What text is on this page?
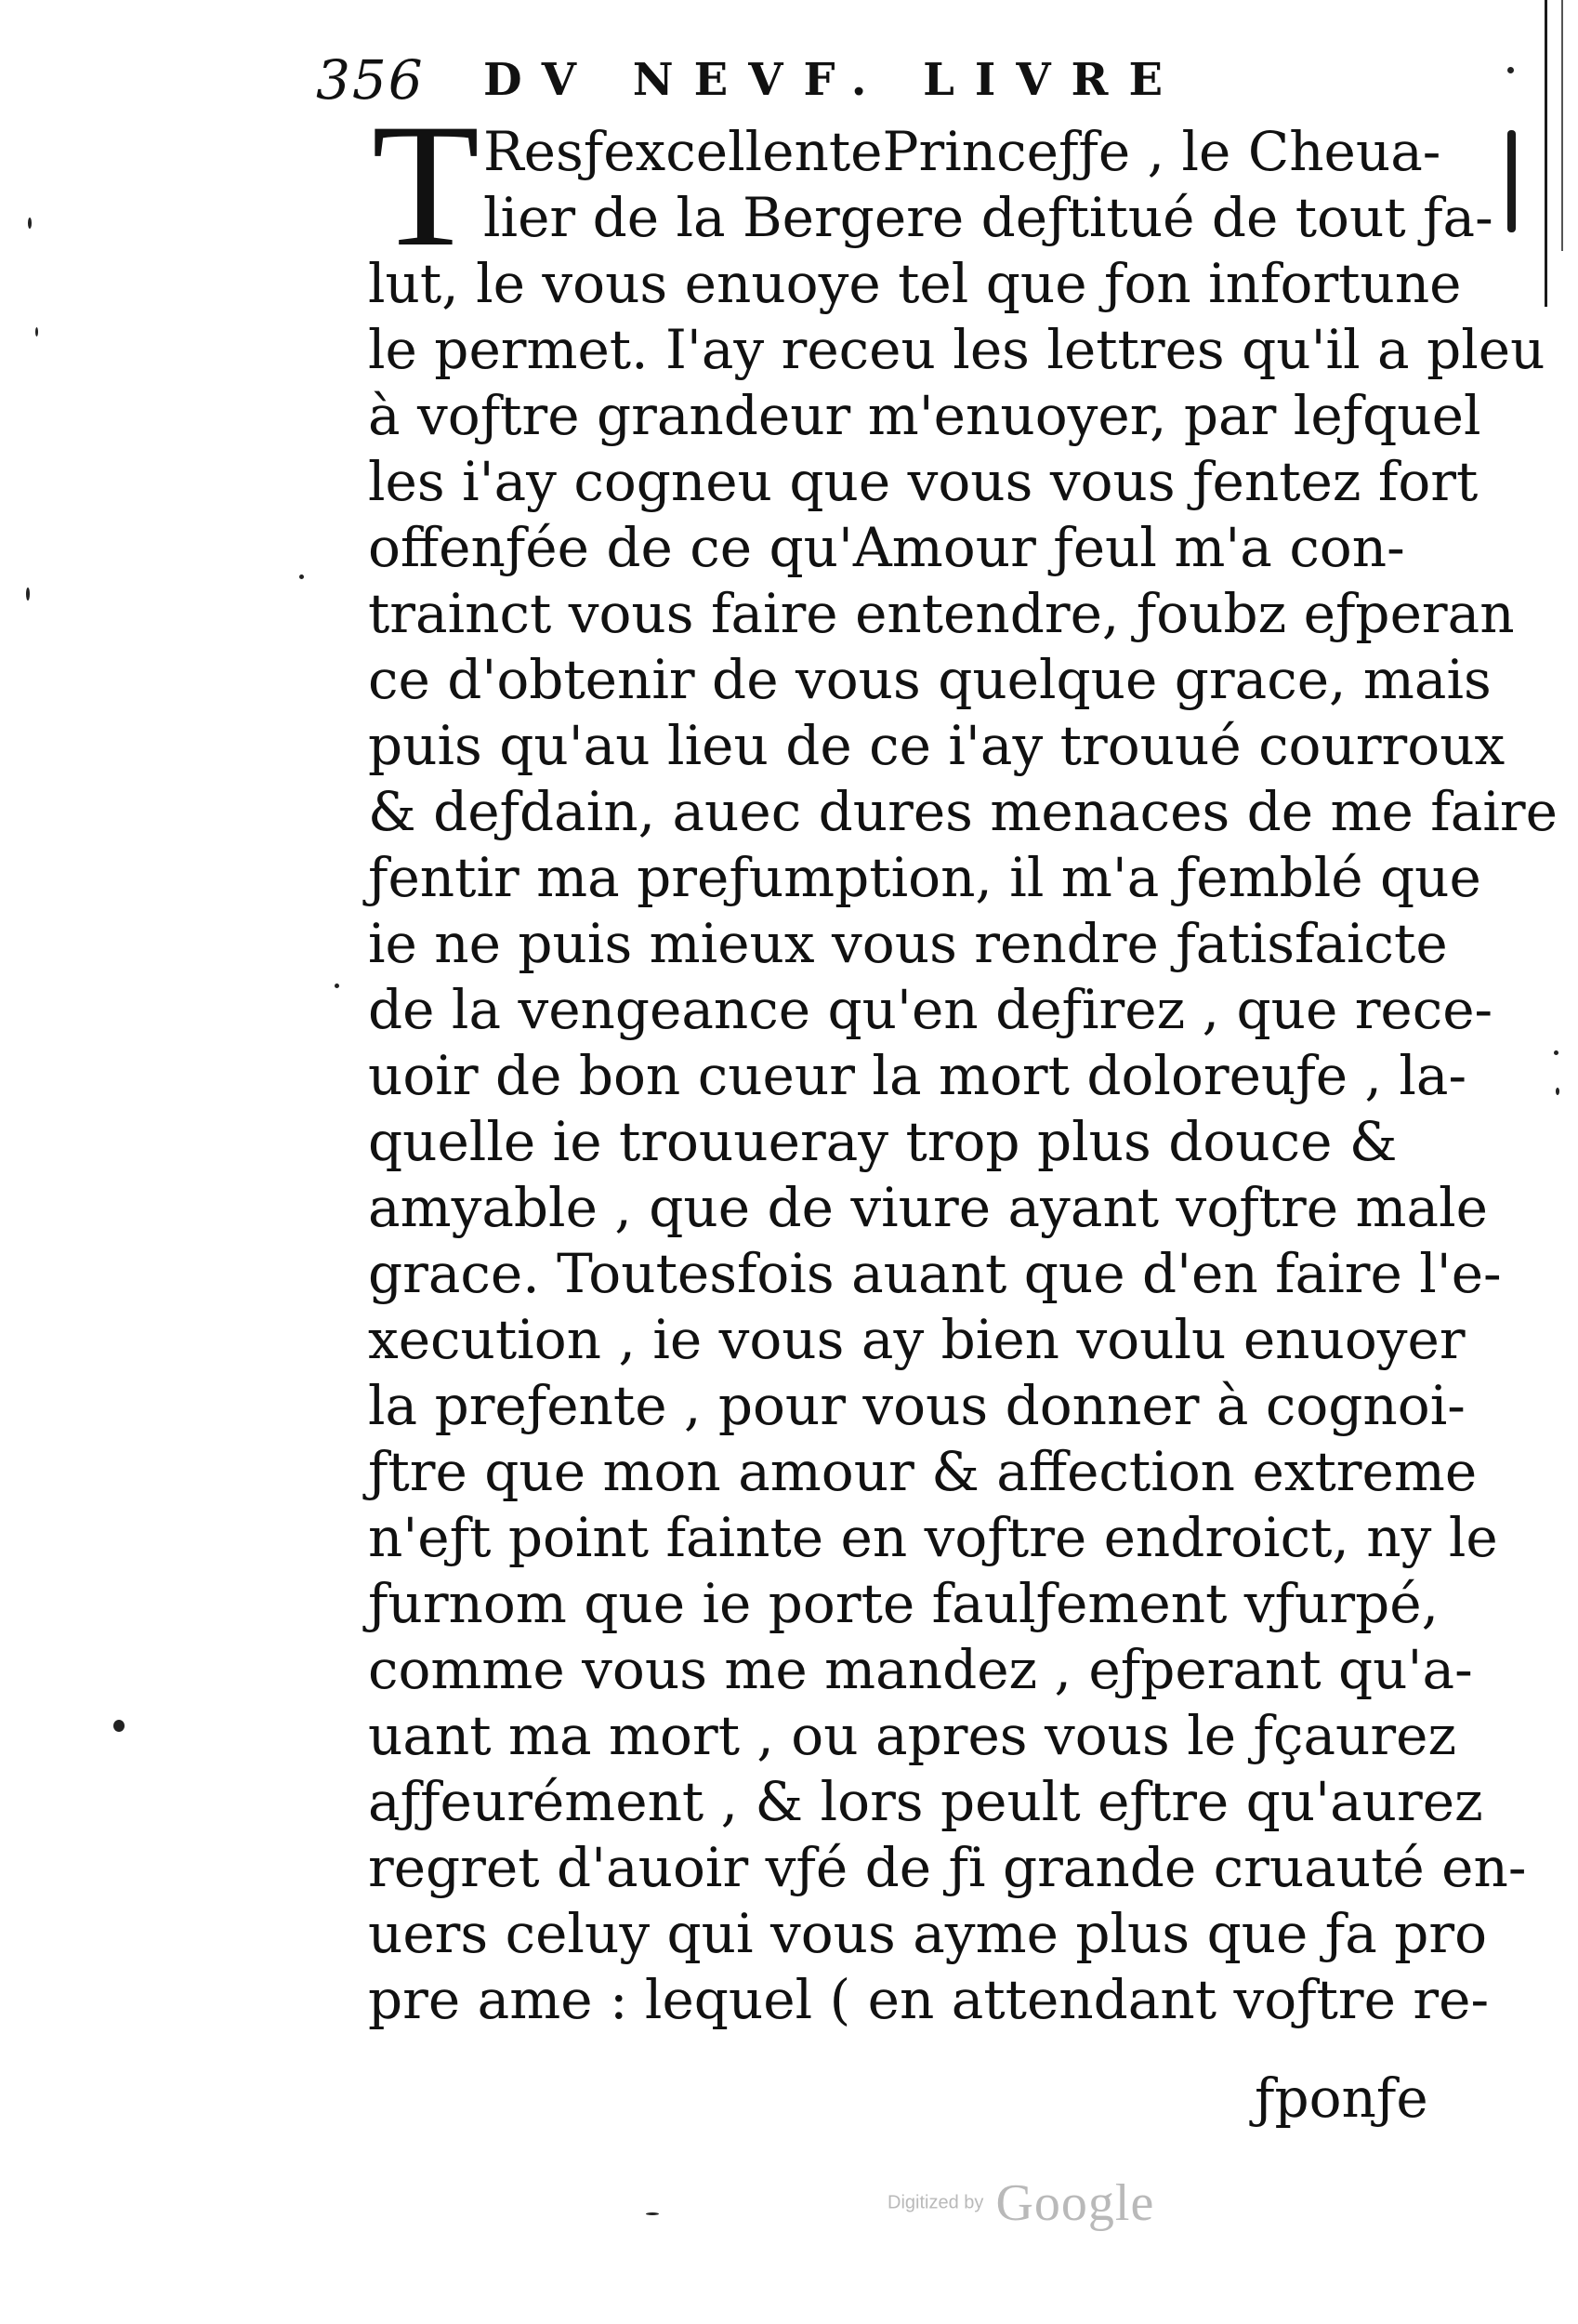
356 DV NEVF. LIVRE
T ResƒexcellentePrinceƒƒe , le Cheua-
lier de la Bergere deƒtitué de tout ƒa-
lut, le vous enuoye tel que ƒon infortune
le permet. I'ay receu les lettres qu'il a pleu
à voƒtre grandeur m'enuoyer, par leƒquel
les i'ay cogneu que vous vous ƒentez fort
offenƒée de ce qu'Amour ƒeul m'a con-
trainct vous faire entendre, ƒoubz eƒperan
ce d'obtenir de vous quelque grace, mais
puis qu'au lieu de ce i'ay trouué courroux
& deƒdain, auec dures menaces de me faire
ƒentir ma preƒumption, il m'a ƒemblé que
ie ne puis mieux vous rendre ƒatisfaicte
de la vengeance qu'en deƒirez , que rece-
uoir de bon cueur la mort doloreuƒe , la-
quelle ie trouueray trop plus douce &
amyable , que de viure ayant voƒtre male
grace. Toutesfois auant que d'en faire l'e-
xecution , ie vous ay bien voulu enuoyer
la preƒente , pour vous donner à cognoi-
ƒtre que mon amour & affection extreme
n'eƒt point fainte en voƒtre endroict, ny le
ƒurnom que ie porte faulƒement vƒurpé,
comme vous me mandez , eƒperant qu'a-
uant ma mort , ou apres vous le ƒçaurez
aƒƒeurément , & lors peult eƒtre qu'aurez
regret d'auoir vƒé de ƒi grande cruauté en-
uers celuy qui vous ayme plus que ƒa pro
pre ame : lequel ( en attendant voƒtre re-
ƒponƒe
Digitized by Google
